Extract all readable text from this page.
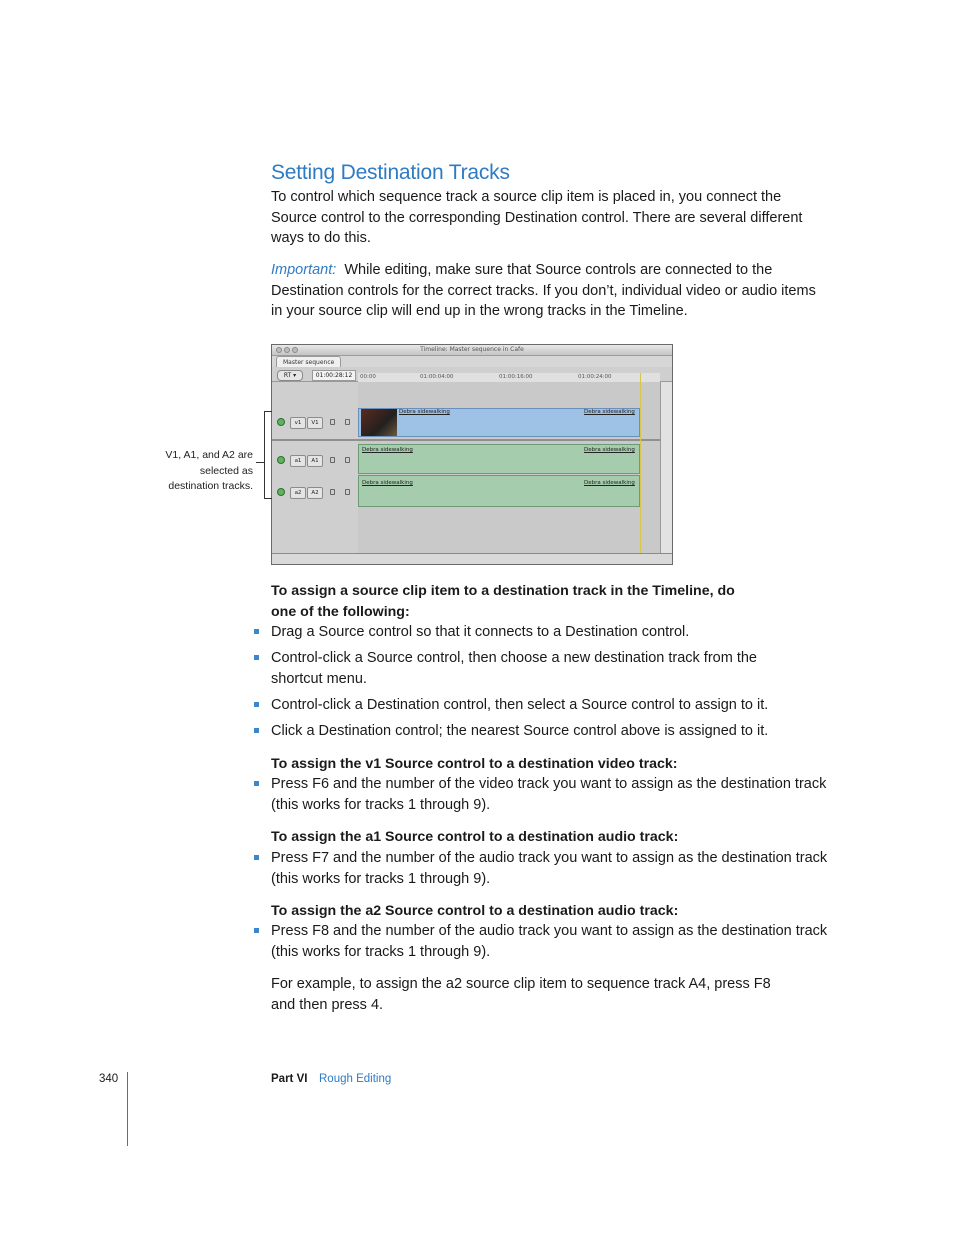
Setting Destination Tracks
To control which sequence track a source clip item is placed in, you connect the Source control to the corresponding Destination control. There are several different ways to do this.
Important: While editing, make sure that Source controls are connected to the Destination controls for the correct tracks. If you don’t, individual video or audio items in your source clip will end up in the wrong tracks in the Timeline.
Timeline: Master sequence in Cafe
Master sequence
RT ▾	01:00:28:12	00:00	01:00:04:00	01:00:16:00	01:00:24:00
v1	V1
Debra sidewalking	Debra sidewalking
a1	A1
Debra sidewalking	Debra sidewalking
a2	A2
Debra sidewalking	Debra sidewalking
V1, A1, and A2 are selected as destination tracks.
To assign a source clip item to a destination track in the Timeline, do one of the following:
Drag a Source control so that it connects to a Destination control.
Control-click a Source control, then choose a new destination track from the shortcut menu.
Control-click a Destination control, then select a Source control to assign to it.
Click a Destination control; the nearest Source control above is assigned to it.
To assign the v1 Source control to a destination video track:
Press F6 and the number of the video track you want to assign as the destination track (this works for tracks 1 through 9).
To assign the a1 Source control to a destination audio track:
Press F7 and the number of the audio track you want to assign as the destination track (this works for tracks 1 through 9).
To assign the a2 Source control to a destination audio track:
Press F8 and the number of the audio track you want to assign as the destination track (this works for tracks 1 through 9).
For example, to assign the a2 source clip item to sequence track A4, press F8 and then press 4.
340	Part VI Rough Editing
